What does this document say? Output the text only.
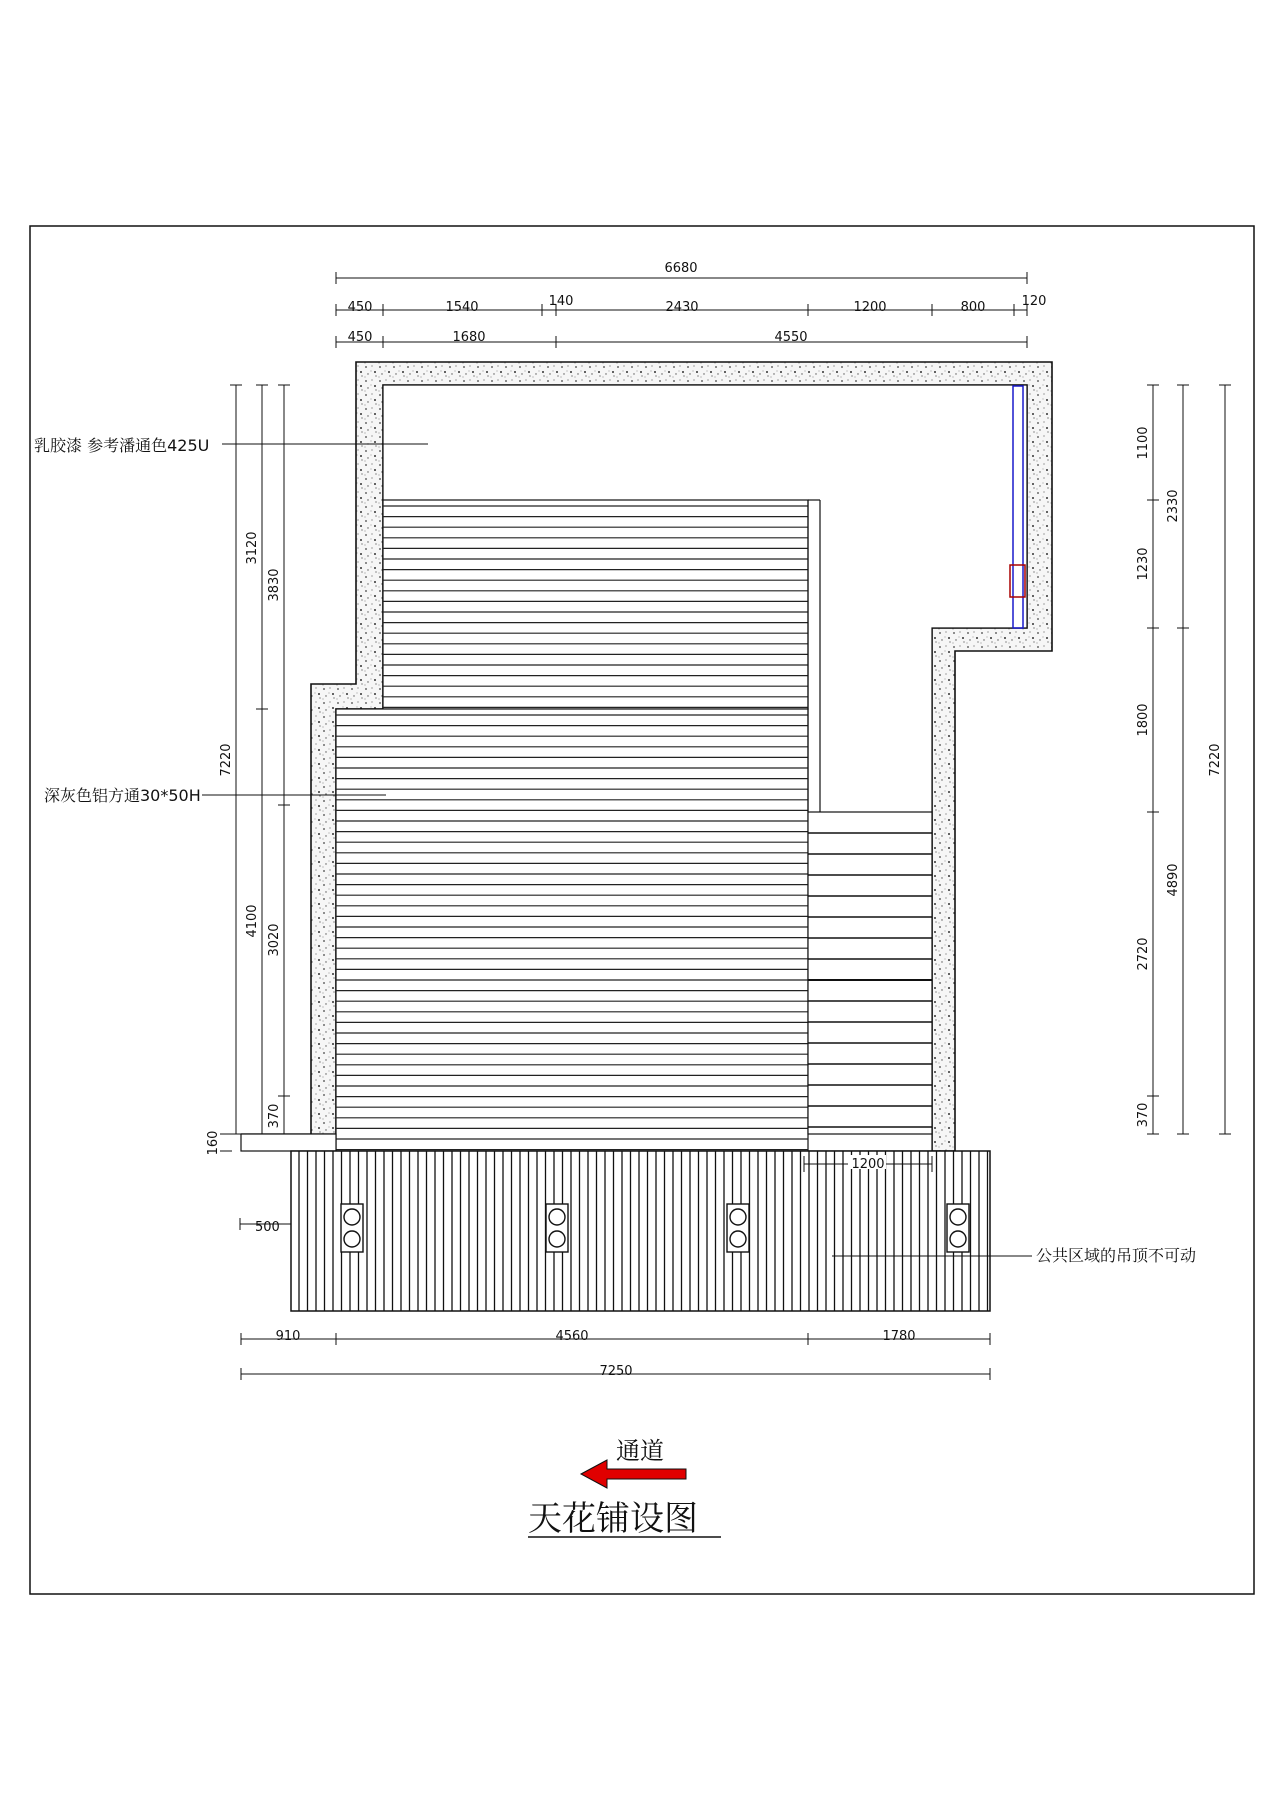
1200
6680
450	1540	140	2430	1200	800	120
450	1680	4550
7220
3120
4100
3830
3020
370
160
1100
1230
1800
2720
370
2330
4890
7220
910	4560	1780
7250
500
乳胶漆 参考潘通色425U
深灰色铝方通30*50H
公共区域的吊顶不可动
通道
天花铺设图
